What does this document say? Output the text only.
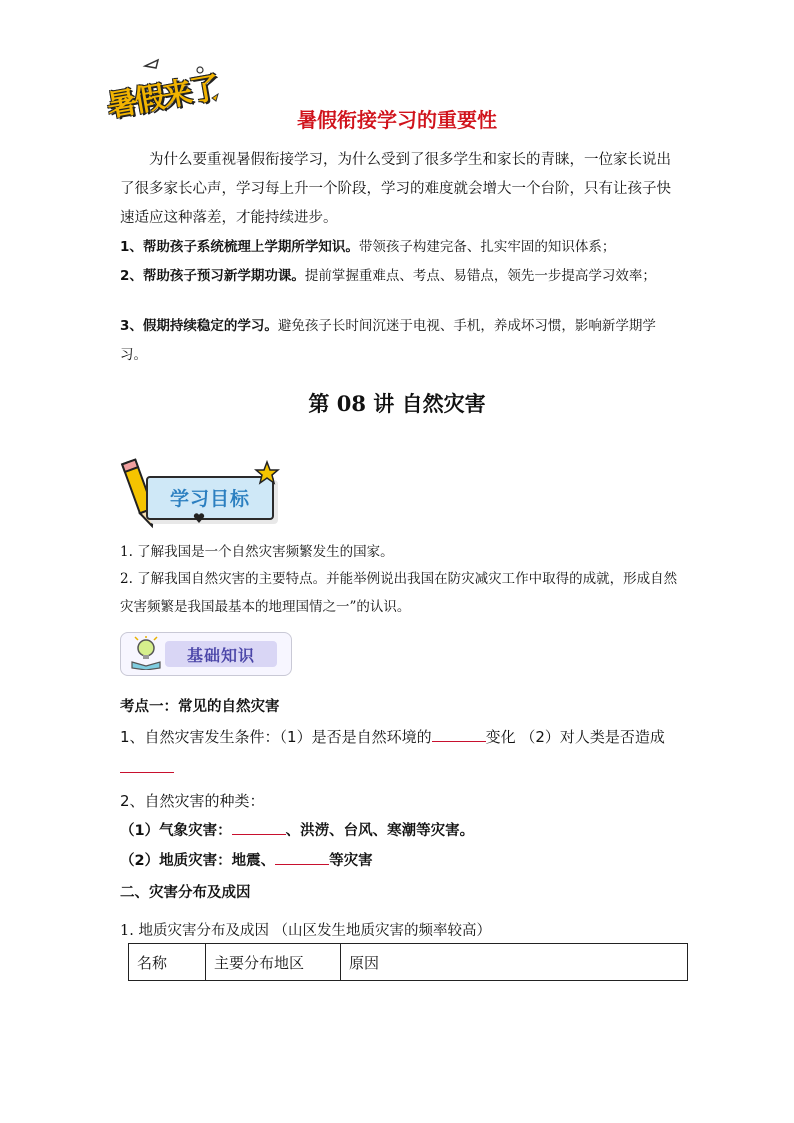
暑假来了	暑假衔接学习的重要性
为什么要重视暑假衔接学习，为什么受到了很多学生和家长的青睐，一位家长说出了很多家长心声，学习每上升一个阶段，学习的难度就会增大一个台阶，只有让孩子快速适应这种落差，才能持续进步。
1、帮助孩子系统梳理上学期所学知识。带领孩子构建完备、扎实牢固的知识体系；
2、帮助孩子预习新学期功课。提前掌握重难点、考点、易错点，领先一步提高学习效率；
3、假期持续稳定的学习。避免孩子长时间沉迷于电视、手机，养成坏习惯，影响新学期学习。
第 08 讲 自然灾害
学习目标
1. 了解我国是一个自然灾害频繁发生的国家。
2. 了解我国自然灾害的主要特点。并能举例说出我国在防灾减灾工作中取得的成就，形成自然灾害频繁是我国最基本的地理国情之一”的认识。
基础知识
考点一：常见的自然灾害
1、自然灾害发生条件：（1）是否是自然环境的	变化 （2）对人类是否造成
2、自然灾害的种类：
（1）气象灾害：	、洪涝、台风、寒潮等灾害。
（2）地质灾害：地震、	等灾害
二、灾害分布及成因
1. 地质灾害分布及成因 （山区发生地质灾害的频率较高）
名称	主要分布地区	原因
